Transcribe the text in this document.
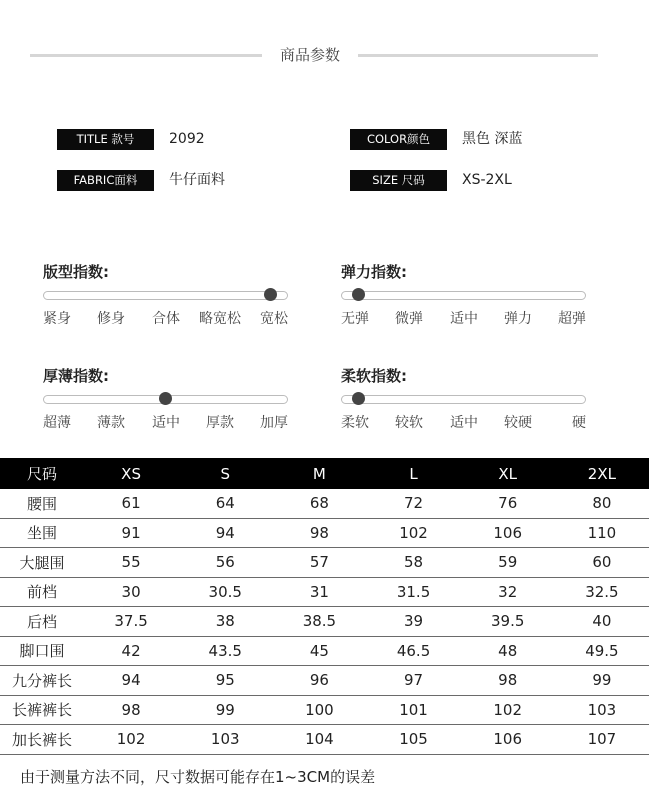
商品参数
TITLE 款号	2092	COLOR颜色	黑色 深蓝
FABRIC面料	牛仔面料	SIZE 尺码	XS-2XL
版型指数:
紧身 修身 合体 略宽松 宽松
弹力指数:
无弹 微弹 适中 弹力 超弹
厚薄指数:
超薄 薄款 适中 厚款 加厚
柔软指数:
柔软 较软 适中 较硬	硬
尺码	XS	S	M	L	XL	2XL
腰围	61	64	68	72	76	80
坐围	91	94	98	102	106	110
大腿围	55	56	57	58	59	60
前档	30	30.5	31	31.5	32	32.5
后档	37.5	38	38.5	39	39.5	40
脚口围	42	43.5	45	46.5	48	49.5
九分裤长	94	95	96	97	98	99
长裤裤长	98	99	100	101	102	103
加长裤长	102	103	104	105	106	107
由于测量方法不同，尺寸数据可能存在1~3CM的误差
